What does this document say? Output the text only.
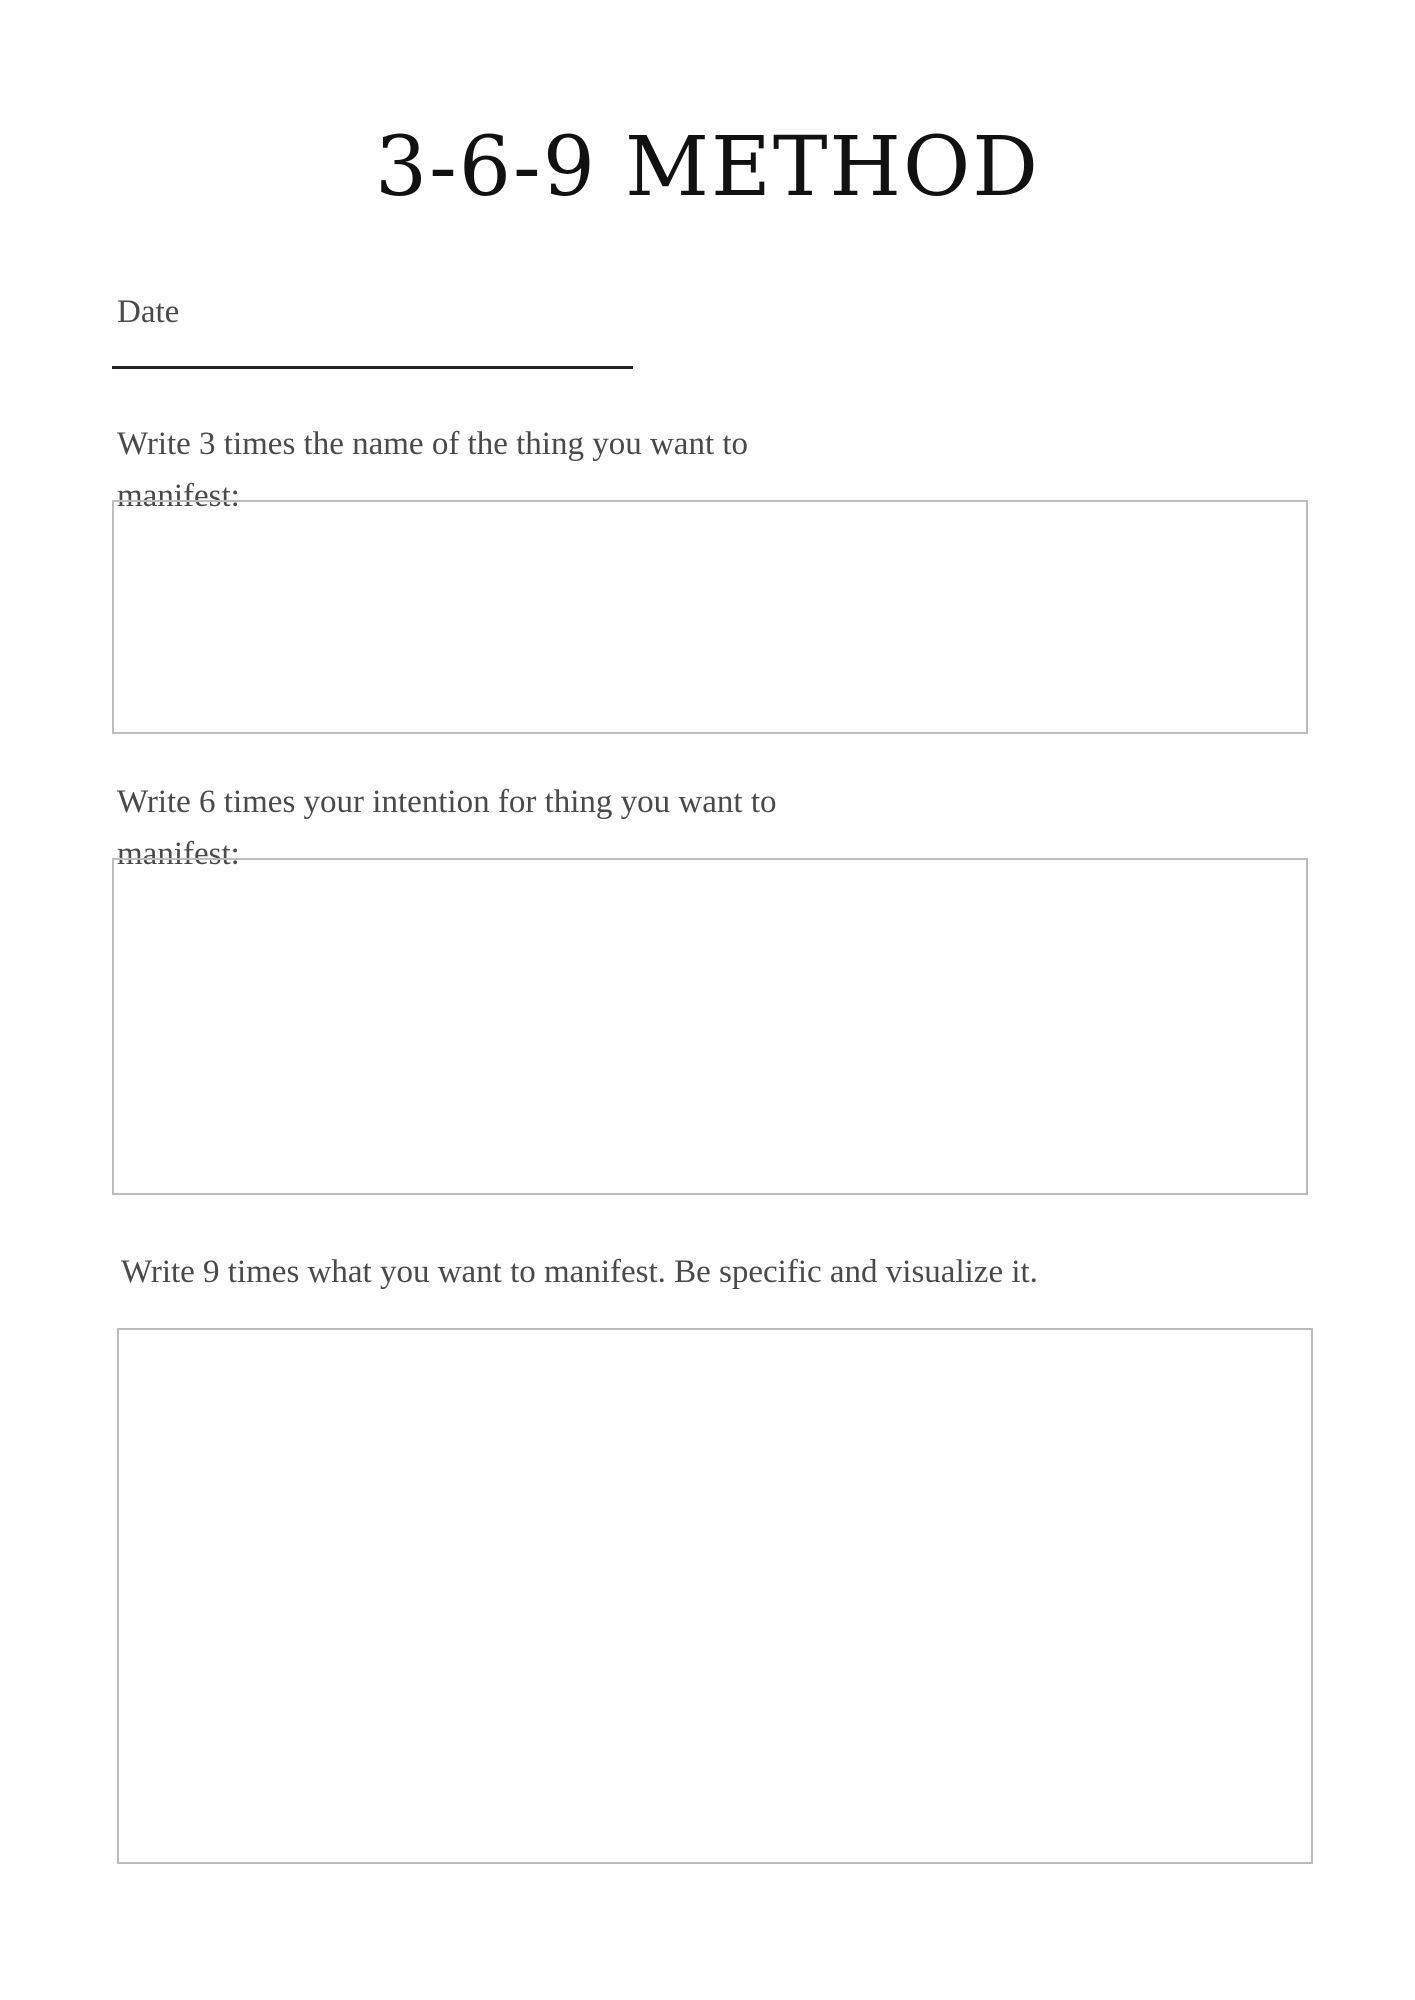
3-6-9 METHOD
Date

Write 3 times the name of the thing you want to manifest:

Write 6 times your intention for thing you want to manifest:

Write 9 times what you want to manifest. Be specific and visualize it.
